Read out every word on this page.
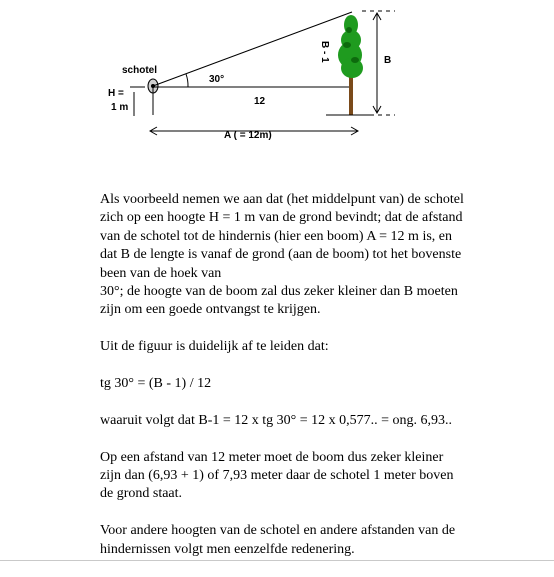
schotel
H =
1 m
30°
12
B - 1	B
A ( = 12m)

Als voorbeeld nemen we aan dat (het middelpunt van) de schotel
zich op een hoogte H = 1 m van de grond bevindt; dat de afstand
van de schotel tot de hindernis (hier een boom) A = 12 m is, en
dat B de lengte is vanaf de grond (aan de boom) tot het bovenste
been van de hoek van
30°; de hoogte van de boom zal dus zeker kleiner dan B moeten
zijn om een goede ontvangst te krijgen.

Uit de figuur is duidelijk af te leiden dat:

tg 30° = (B - 1) / 12

waaruit volgt dat B-1 = 12 x tg 30° = 12 x 0,577.. = ong. 6,93..

Op een afstand van 12 meter moet de boom dus zeker kleiner
zijn dan (6,93 + 1) of 7,93 meter daar de schotel 1 meter boven
de grond staat.

Voor andere hoogten van de schotel en andere afstanden van de
hindernissen volgt men eenzelfde redenering.
